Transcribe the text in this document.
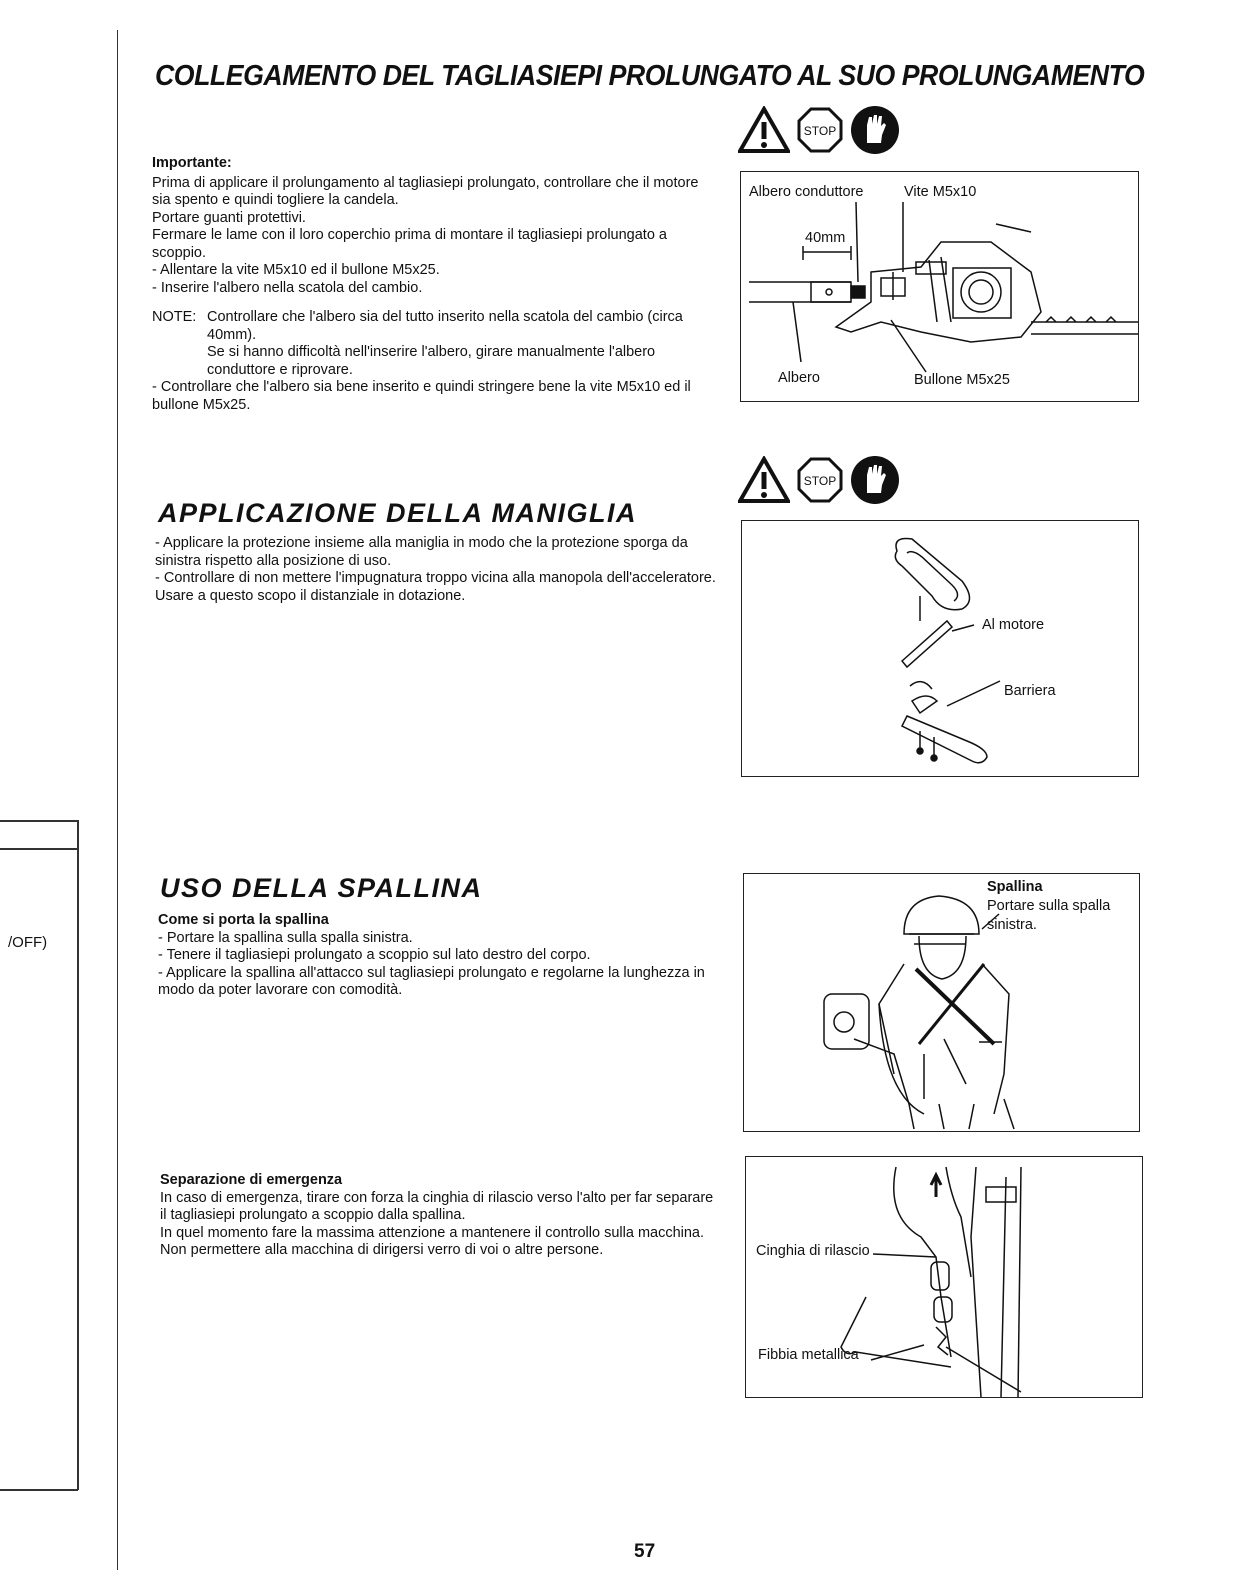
/OFF)
COLLEGAMENTO DEL TAGLIASIEPI PROLUNGATO AL SUO PROLUNGAMENTO
STOP

Importante:

Prima di applicare il prolungamento al tagliasiepi prolungato, controllare che il motore sia spento e quindi togliere la candela.

Portare guanti protettivi.

Fermare le lame con il loro coperchio prima di montare il tagliasiepi prolungato a scoppio.

- Allentare la vite M5x10 ed il bullone M5x25.

- Inserire l'albero nella scatola del cambio.

NOTE: Controllare che l'albero sia del tutto inserito nella scatola del cambio (circa 40mm).

Se si hanno difficoltà nell'inserire l'albero, girare manualmente l'albero conduttore e riprovare.

- Controllare che l'albero sia bene inserito e quindi stringere bene la vite M5x10 ed il bullone M5x25.

Albero conduttore	Vite M5x10
40mm
Albero	Bullone M5x25
APPLICAZIONE DELLA MANIGLIA
STOP

- Applicare la protezione insieme alla maniglia in modo che la protezione sporga da sinistra rispetto alla posizione di uso.

- Controllare di non mettere l'impugnatura troppo vicina alla manopola dell'acceleratore. Usare a questo scopo il distanziale in dotazione.

Al motore
Barriera
USO DELLA SPALLINA

Come si porta la spallina

- Portare la spallina sulla spalla sinistra.

- Tenere il tagliasiepi prolungato a scoppio sul lato destro del corpo.

- Applicare la spallina all'attacco sul tagliasiepi prolungato e regolarne la lunghezza in modo da poter lavorare con comodità.

Spallina
Portare sulla spalla
sinistra.

Separazione di emergenza

In caso di emergenza, tirare con forza la cinghia di rilascio verso l'alto per far separare il tagliasiepi prolungato a scoppio dalla spallina.

In quel momento fare la massima attenzione a mantenere il controllo sulla macchina. Non permettere alla macchina di dirigersi verro di voi o altre persone.	Cinghia di rilascio
Fibbia metallica
57
